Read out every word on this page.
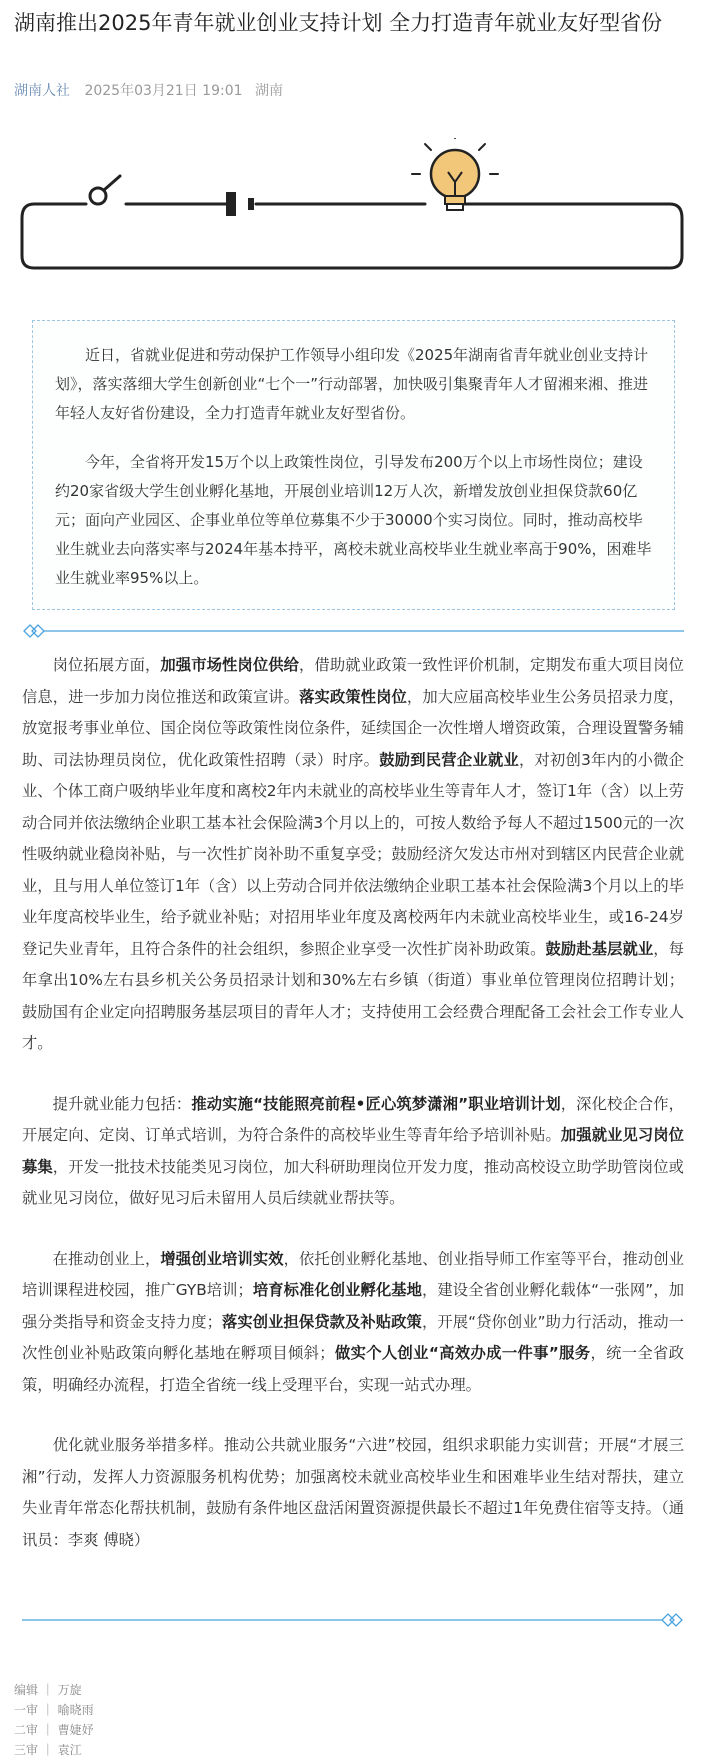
湖南推出2025年青年就业创业支持计划 全力打造青年就业友好型省份
湖南人社 2025年03月21日 19:01 湖南

近日，省就业促进和劳动保护工作领导小组印发《2025年湖南省青年就业创业支持计划》，落实落细大学生创新创业“七个一”行动部署，加快吸引集聚青年人才留湘来湘、推进年轻人友好省份建设，全力打造青年就业友好型省份。

今年，全省将开发15万个以上政策性岗位，引导发布200万个以上市场性岗位；建设约20家省级大学生创业孵化基地，开展创业培训12万人次，新增发放创业担保贷款60亿元；面向产业园区、企事业单位等单位募集不少于30000个实习岗位。同时，推动高校毕业生就业去向落实率与2024年基本持平，离校未就业高校毕业生就业率高于90%，困难毕业生就业率95%以上。

岗位拓展方面，加强市场性岗位供给，借助就业政策一致性评价机制，定期发布重大项目岗位信息，进一步加力岗位推送和政策宣讲。落实政策性岗位，加大应届高校毕业生公务员招录力度，放宽报考事业单位、国企岗位等政策性岗位条件，延续国企一次性增人增资政策，合理设置警务辅助、司法协理员岗位，优化政策性招聘（录）时序。鼓励到民营企业就业，对初创3年内的小微企业、个体工商户吸纳毕业年度和离校2年内未就业的高校毕业生等青年人才，签订1年（含）以上劳动合同并依法缴纳企业职工基本社会保险满3个月以上的，可按人数给予每人不超过1500元的一次性吸纳就业稳岗补贴，与一次性扩岗补助不重复享受；鼓励经济欠发达市州对到辖区内民营企业就业，且与用人单位签订1年（含）以上劳动合同并依法缴纳企业职工基本社会保险满3个月以上的毕业年度高校毕业生，给予就业补贴；对招用毕业年度及离校两年内未就业高校毕业生，或16-24岁登记失业青年，且符合条件的社会组织，参照企业享受一次性扩岗补助政策。鼓励赴基层就业，每年拿出10%左右县乡机关公务员招录计划和30%左右乡镇（街道）事业单位管理岗位招聘计划；鼓励国有企业定向招聘服务基层项目的青年人才；支持使用工会经费合理配备工会社会工作专业人才。

提升就业能力包括：推动实施“技能照亮前程•匠心筑梦潇湘”职业培训计划，深化校企合作，开展定向、定岗、订单式培训，为符合条件的高校毕业生等青年给予培训补贴。加强就业见习岗位募集，开发一批技术技能类见习岗位，加大科研助理岗位开发力度，推动高校设立助学助管岗位或就业见习岗位，做好见习后未留用人员后续就业帮扶等。

在推动创业上，增强创业培训实效，依托创业孵化基地、创业指导师工作室等平台，推动创业培训课程进校园，推广GYB培训；培育标准化创业孵化基地，建设全省创业孵化载体“一张网”，加强分类指导和资金支持力度；落实创业担保贷款及补贴政策，开展“贷你创业”助力行活动，推动一次性创业补贴政策向孵化基地在孵项目倾斜；做实个人创业“高效办成一件事”服务，统一全省政策，明确经办流程，打造全省统一线上受理平台，实现一站式办理。

优化就业服务举措多样。推动公共就业服务“六进”校园，组织求职能力实训营；开展“才展三湘”行动，发挥人力资源服务机构优势；加强离校未就业高校毕业生和困难毕业生结对帮扶，建立失业青年常态化帮扶机制，鼓励有条件地区盘活闲置资源提供最长不超过1年免费住宿等支持。（通讯员：李爽 傅晓）

编辑 ｜ 万旋
一审 ｜ 喻晓雨
二审 ｜ 曹婕妤
三审 ｜ 袁江
